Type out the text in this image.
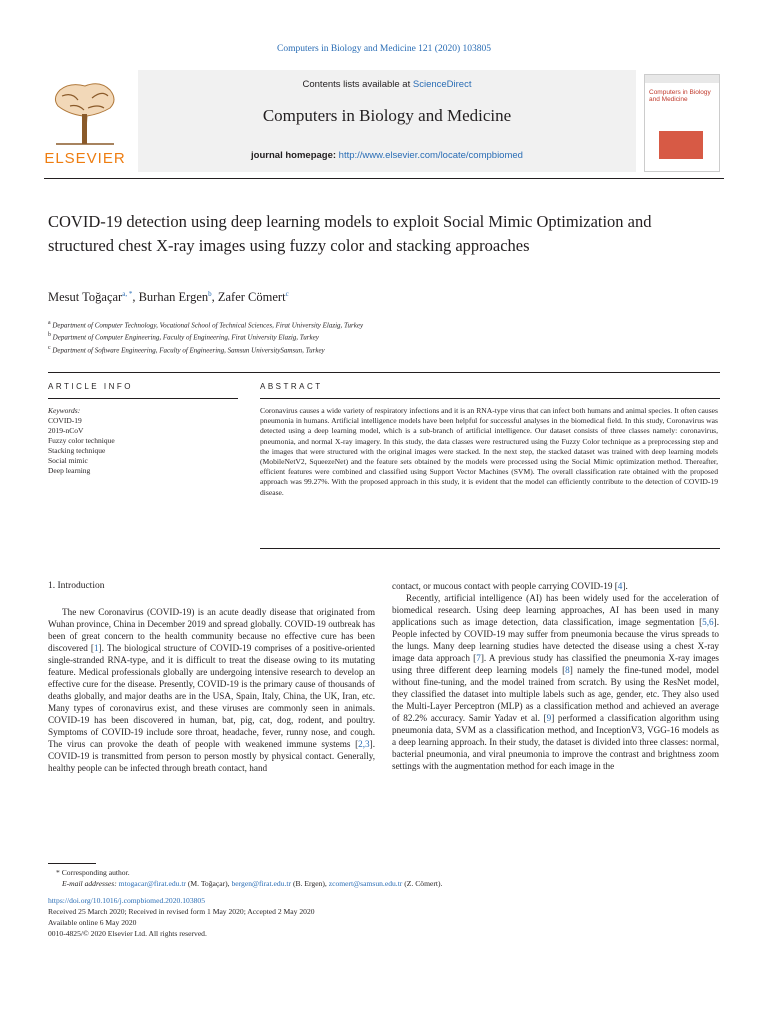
Computers in Biology and Medicine 121 (2020) 103805
ELSEVIER
Contents lists available at ScienceDirect
Computers in Biology and Medicine
journal homepage: http://www.elsevier.com/locate/compbiomed
Computers in Biology and Medicine
COVID-19 detection using deep learning models to exploit Social Mimic Optimization and structured chest X-ray images using fuzzy color and stacking approaches
Mesut Toğaçar$^{a, *}$, Burhan Ergen$^b$, Zafer Cömert$^c$
$^a$ Department of Computer Technology, Vocational School of Technical Sciences, Firat University Elazig, Turkey
$^b$ Department of Computer Engineering, Faculty of Engineering, Firat University Elazig, Turkey
$^c$ Department of Software Engineering, Faculty of Engineering, Samsun UniversitySamsun, Turkey
ARTICLE INFO	ABSTRACT
Keywords:
COVID-19
2019-nCoV
Fuzzy color technique
Stacking technique
Social mimic
Deep learning
Coronavirus causes a wide variety of respiratory infections and it is an RNA-type virus that can infect both humans and animal species. It often causes pneumonia in humans. Artificial intelligence models have been helpful for successful analyses in the biomedical field. In this study, Coronavirus was detected using a deep learning model, which is a sub-branch of artificial intelligence. Our dataset consists of three classes namely: coronavirus, pneumonia, and normal X-ray imagery. In this study, the data classes were restructured using the Fuzzy Color technique as a preprocessing step and the images that were structured with the original images were stacked. In the next step, the stacked dataset was trained with deep learning models (MobileNetV2, SqueezeNet) and the feature sets obtained by the models were processed using the Social Mimic optimization method. Thereafter, efficient features were combined and classified using Support Vector Machines (SVM). The overall classification rate obtained with the proposed approach was 99.27%. With the proposed approach in this study, it is evident that the model can efficiently contribute to the detection of COVID-19 disease.

1. Introduction

The new Coronavirus (COVID-19) is an acute deadly disease that originated from Wuhan province, China in December 2019 and spread globally. COVID-19 outbreak has been of great concern to the health community because no effective cure has been discovered [1]. The biological structure of COVID-19 comprises of a positive-oriented single-stranded RNA-type, and it is difficult to treat the disease owing to its mutating feature. Medical professionals globally are undergoing intensive research to develop an effective cure for the disease. Presently, COVID-19 is the primary cause of thousands of deaths globally, and major deaths are in the USA, Spain, Italy, China, the UK, Iran, etc. Many types of coronavirus exist, and these viruses are commonly seen in animals. COVID-19 has been discovered in human, bat, pig, cat, dog, rodent, and poultry. Symptoms of COVID-19 include sore throat, headache, fever, runny nose, and cough. The virus can provoke the death of people with weakened immune systems [2,3]. COVID-19 is transmitted from person to person mostly by physical contact. Generally, healthy people can be infected through breath contact, hand

contact, or mucous contact with people carrying COVID-19 [4].

Recently, artificial intelligence (AI) has been widely used for the acceleration of biomedical research. Using deep learning approaches, AI has been used in many applications such as image detection, data classification, image segmentation [5,6]. People infected by COVID-19 may suffer from pneumonia because the virus spreads to the lungs. Many deep learning studies have detected the disease using a chest X-ray image data approach [7]. A previous study has classified the pneumonia X-ray images using three different deep learning models [8] namely the fine-tuned model, model without fine-tuning, and the model trained from scratch. By using the ResNet model, they classified the dataset into multiple labels such as age, gender, etc. They also used the Multi-Layer Perceptron (MLP) as a classification method and achieved an average of 82.2% accuracy. Samir Yadav et al. [9] performed a classification algorithm using pneumonia data, SVM as a classification method, and InceptionV3, VGG-16 models as a deep learning approach. In their study, the dataset is divided into three classes: normal, bacterial pneumonia, and viral pneumonia to improve the contrast and brightness zoom settings with the augmentation method for each image in the

* Corresponding author.
E-mail addresses: mtogacar@firat.edu.tr (M. Toğaçar), bergen@firat.edu.tr (B. Ergen), zcomert@samsun.edu.tr (Z. Cömert).
https://doi.org/10.1016/j.compbiomed.2020.103805
Received 25 March 2020; Received in revised form 1 May 2020; Accepted 2 May 2020
Available online 6 May 2020
0010-4825/© 2020 Elsevier Ltd. All rights reserved.
